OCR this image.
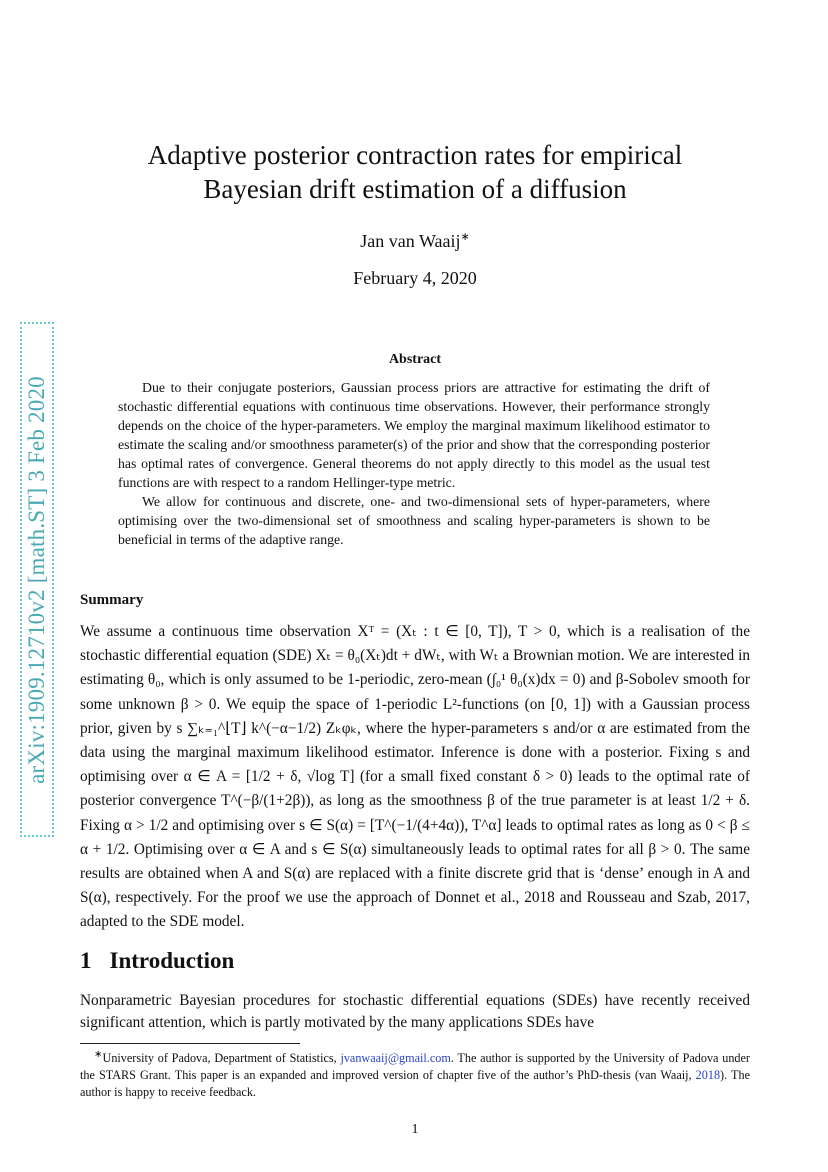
arXiv:1909.12710v2 [math.ST] 3 Feb 2020
Adaptive posterior contraction rates for empirical
Bayesian drift estimation of a diffusion
Jan van Waaij∗
February 4, 2020
Abstract

Due to their conjugate posteriors, Gaussian process priors are attractive for estimating the drift of stochastic differential equations with continuous time observations. However, their performance strongly depends on the choice of the hyper-parameters. We employ the marginal maximum likelihood estimator to estimate the scaling and/or smoothness parameter(s) of the prior and show that the corresponding posterior has optimal rates of convergence. General theorems do not apply directly to this model as the usual test functions are with respect to a random Hellinger-type metric.

We allow for continuous and discrete, one- and two-dimensional sets of hyper-parameters, where optimising over the two-dimensional set of smoothness and scaling hyper-parameters is shown to be beneficial in terms of the adaptive range.

Summary

We assume a continuous time observation Xᵀ = (Xₜ : t ∈ [0, T]), T > 0, which is a realisation of the stochastic differential equation (SDE) Xₜ = θ₀(Xₜ)dt + dWₜ, with Wₜ a Brownian motion. We are interested in estimating θ₀, which is only assumed to be 1-periodic, zero-mean (∫₀¹ θ₀(x)dx = 0) and β-Sobolev smooth for some unknown β > 0. We equip the space of 1-periodic L²-functions (on [0, 1]) with a Gaussian process prior, given by s ∑ₖ₌₁^⌊T⌋ k^(−α−1/2) Zₖφₖ, where the hyper-parameters s and/or α are estimated from the data using the marginal maximum likelihood estimator. Inference is done with a posterior. Fixing s and optimising over α ∈ A = [1/2 + δ, √log T] (for a small fixed constant δ > 0) leads to the optimal rate of posterior convergence T^(−β/(1+2β)), as long as the smoothness β of the true parameter is at least 1/2 + δ. Fixing α > 1/2 and optimising over s ∈ S(α) = [T^(−1/(4+4α)), T^α] leads to optimal rates as long as 0 < β ≤ α + 1/2. Optimising over α ∈ A and s ∈ S(α) simultaneously leads to optimal rates for all β > 0. The same results are obtained when A and S(α) are replaced with a finite discrete grid that is ‘dense’ enough in A and S(α), respectively. For the proof we use the approach of Donnet et al., 2018 and Rousseau and Szab, 2017, adapted to the SDE model.

1 Introduction

Nonparametric Bayesian procedures for stochastic differential equations (SDEs) have recently received significant attention, which is partly motivated by the many applications SDEs have

∗University of Padova, Department of Statistics, jvanwaaij@gmail.com. The author is supported by the University of Padova under the STARS Grant. This paper is an expanded and improved version of chapter five of the author’s PhD-thesis (van Waaij, 2018). The author is happy to receive feedback.

1
